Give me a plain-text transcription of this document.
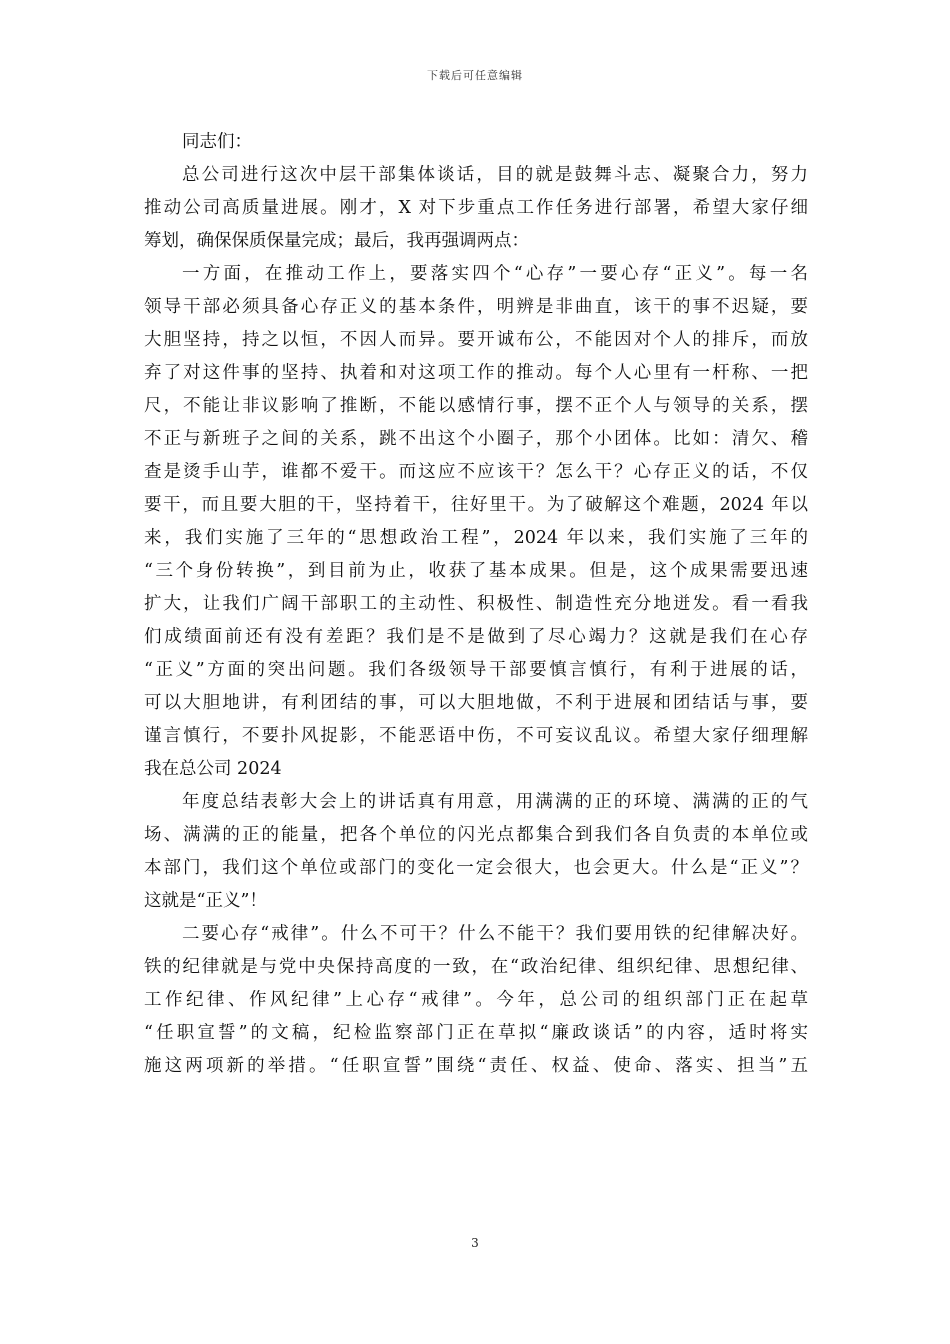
下载后可任意编辑
同志们：
总公司进行这次中层干部集体谈话，目的就是鼓舞斗志、凝聚合力，努力
推动公司高质量进展。刚才，X 对下步重点工作任务进行部署，希望大家仔细
筹划，确保保质保量完成；最后，我再强调两点：
一方面，在推动工作上，要落实四个“心存”一要心存“正义”。每一名
领导干部必须具备心存正义的基本条件，明辨是非曲直，该干的事不迟疑，要
大胆坚持，持之以恒，不因人而异。要开诚布公，不能因对个人的排斥，而放
弃了对这件事的坚持、执着和对这项工作的推动。每个人心里有一杆称、一把
尺，不能让非议影响了推断，不能以感情行事，摆不正个人与领导的关系，摆
不正与新班子之间的关系，跳不出这个小圈子，那个小团体。比如：清欠、稽
查是烫手山芋，谁都不爱干。而这应不应该干？怎么干？心存正义的话，不仅
要干，而且要大胆的干，坚持着干，往好里干。为了破解这个难题，2024 年以
来，我们实施了三年的“思想政治工程”，2024 年以来，我们实施了三年的
“三个身份转换”，到目前为止，收获了基本成果。但是，这个成果需要迅速
扩大，让我们广阔干部职工的主动性、积极性、制造性充分地迸发。看一看我
们成绩面前还有没有差距？我们是不是做到了尽心竭力？这就是我们在心存
“正义”方面的突出问题。我们各级领导干部要慎言慎行，有利于进展的话，
可以大胆地讲，有利团结的事，可以大胆地做，不利于进展和团结话与事，要
谨言慎行，不要扑风捉影，不能恶语中伤，不可妄议乱议。希望大家仔细理解
我在总公司 2024
年度总结表彰大会上的讲话真有用意，用满满的正的环境、满满的正的气
场、满满的正的能量，把各个单位的闪光点都集合到我们各自负责的本单位或
本部门，我们这个单位或部门的变化一定会很大，也会更大。什么是“正义”？
这就是“正义”！
二要心存“戒律”。什么不可干？什么不能干？我们要用铁的纪律解决好。
铁的纪律就是与党中央保持高度的一致，在“政治纪律、组织纪律、思想纪律、
工作纪律、作风纪律”上心存“戒律”。今年，总公司的组织部门正在起草
“任职宣誓”的文稿，纪检监察部门正在草拟“廉政谈话”的内容，适时将实
施这两项新的举措。“任职宣誓”围绕“责任、权益、使命、落实、担当”五
3
